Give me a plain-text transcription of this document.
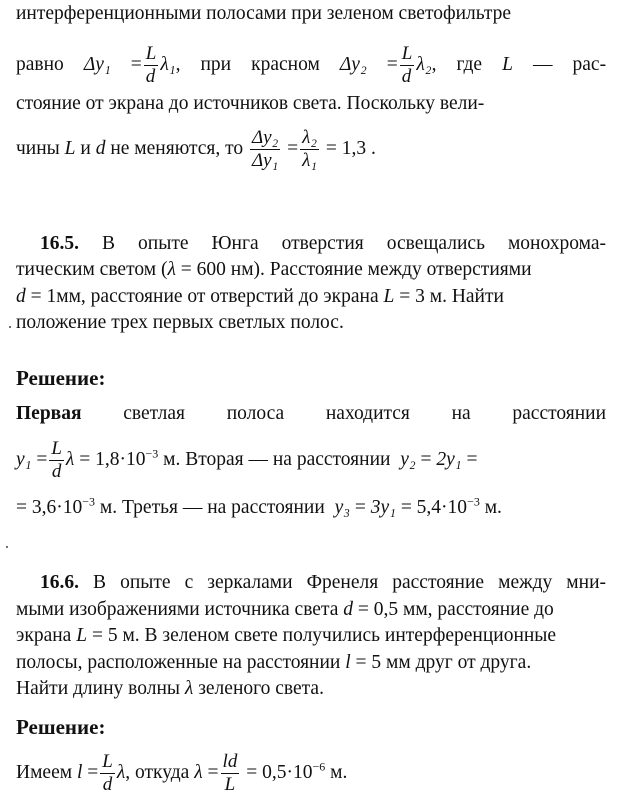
интерференционными полосами при зеленом светофильтре
равно $\Delta y_1 = \frac{L}{d} \lambda_1$, при красном $\Delta y_2 = \frac{L}{d} \lambda_2$, где L — рас-
стояние от экрана до источников света. Поскольку вели-
чины L и d не меняются, то $\frac{\text{Δy₂}}{\text{Δy₁}} = \frac{\text{λ₂}}{\text{λ₁}} = 1,3$ .
16.5. В опыте Юнга отверстия освещались монохрома-
тическим светом (λ = 600 нм). Расстояние между отверстиями
d = 1мм, расстояние от отверстий до экрана L = 3 м. Найти
положение трех первых светлых полос.
Решение:
Первая светлая полоса находится на расстоянии
$y_1 = \frac{L}{d}$ $\lambda = 1,8\cdot 10^{-3}$ м. Вторая — на расстоянии y₂ = 2y₁ =
= $3,6\cdot 10^{-3}$ м. Третья — на расстоянии $y_3 = 3y_1 = 5,4\cdot 10^{-3}$ м.
16.6. В опыте с зеркалами Френеля расстояние между мни-
мыми изображениями источника света d = 0,5 мм, расстояние до
экрана L = 5 м. В зеленом свете получились интерференционные
полосы, расположенные на расстоянии l = 5 мм друг от друга.
Найти длину волны λ зеленого света.
Решение:
Имеем $l = \frac{L}{d} \lambda$, откуда $\lambda = \frac{ld}{L} = 0,5\cdot 10^{-6}$ м.
